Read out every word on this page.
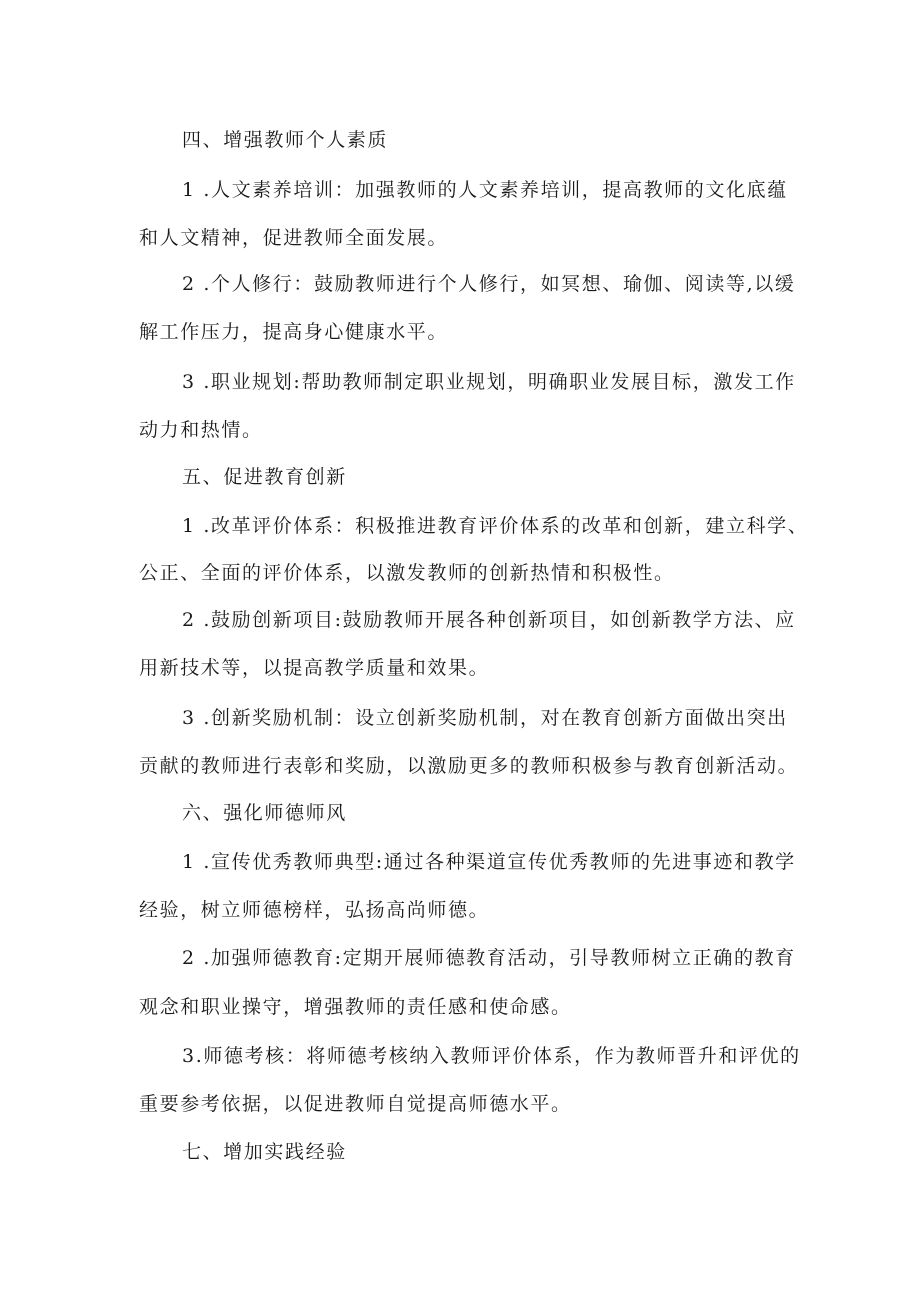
四、增强教师个人素质
1 .人文素养培训：加强教师的人文素养培训，提高教师的文化底蕴
和人文精神，促进教师全面发展。
2 .个人修行：鼓励教师进行个人修行，如冥想、瑜伽、阅读等,以缓
解工作压力，提高身心健康水平。
3 .职业规划:帮助教师制定职业规划，明确职业发展目标，激发工作
动力和热情。
五、促进教育创新
1 .改革评价体系：积极推进教育评价体系的改革和创新，建立科学、
公正、全面的评价体系，以激发教师的创新热情和积极性。
2 .鼓励创新项目:鼓励教师开展各种创新项目，如创新教学方法、应
用新技术等，以提高教学质量和效果。
3 .创新奖励机制：设立创新奖励机制，对在教育创新方面做出突出
贡献的教师进行表彰和奖励，以激励更多的教师积极参与教育创新活动。
六、强化师德师风
1 .宣传优秀教师典型:通过各种渠道宣传优秀教师的先进事迹和教学
经验，树立师德榜样，弘扬高尚师德。
2 .加强师德教育:定期开展师德教育活动，引导教师树立正确的教育
观念和职业操守，增强教师的责任感和使命感。
3.师德考核：将师德考核纳入教师评价体系，作为教师晋升和评优的
重要参考依据，以促进教师自觉提高师德水平。
七、增加实践经验
